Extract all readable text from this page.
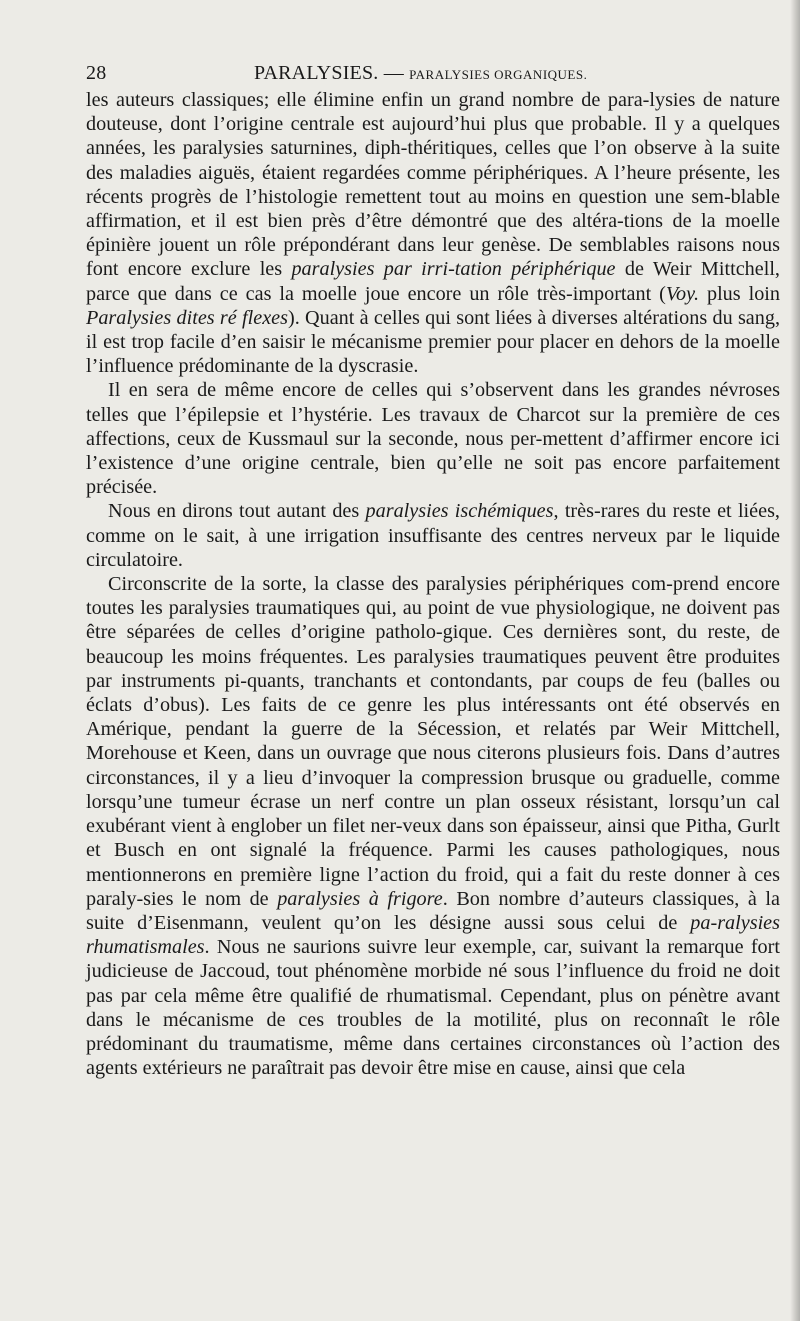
28	PARALYSIES. — PARALYSIES ORGANIQUES.

les auteurs classiques; elle élimine enfin un grand nombre de para-lysies de nature douteuse, dont l’origine centrale est aujourd’hui plus que probable. Il y a quelques années, les paralysies saturnines, diph-théritiques, celles que l’on observe à la suite des maladies aiguës, étaient regardées comme périphériques. A l’heure présente, les récents progrès de l’histologie remettent tout au moins en question une sem-blable affirmation, et il est bien près d’être démontré que des altéra-tions de la moelle épinière jouent un rôle prépondérant dans leur genèse. De semblables raisons nous font encore exclure les paralysies par irri-tation périphérique de Weir Mittchell, parce que dans ce cas la moelle joue encore un rôle très-important (Voy. plus loin Paralysies dites ré flexes). Quant à celles qui sont liées à diverses altérations du sang, il est trop facile d’en saisir le mécanisme premier pour placer en dehors de la moelle l’influence prédominante de la dyscrasie.

Il en sera de même encore de celles qui s’observent dans les grandes névroses telles que l’épilepsie et l’hystérie. Les travaux de Charcot sur la première de ces affections, ceux de Kussmaul sur la seconde, nous per-mettent d’affirmer encore ici l’existence d’une origine centrale, bien qu’elle ne soit pas encore parfaitement précisée.

Nous en dirons tout autant des paralysies ischémiques, très-rares du reste et liées, comme on le sait, à une irrigation insuffisante des centres nerveux par le liquide circulatoire.

Circonscrite de la sorte, la classe des paralysies périphériques com-prend encore toutes les paralysies traumatiques qui, au point de vue physiologique, ne doivent pas être séparées de celles d’origine patholo-gique. Ces dernières sont, du reste, de beaucoup les moins fréquentes. Les paralysies traumatiques peuvent être produites par instruments pi-quants, tranchants et contondants, par coups de feu (balles ou éclats d’obus). Les faits de ce genre les plus intéressants ont été observés en Amérique, pendant la guerre de la Sécession, et relatés par Weir Mittchell, Morehouse et Keen, dans un ouvrage que nous citerons plusieurs fois. Dans d’autres circonstances, il y a lieu d’invoquer la compression brusque ou graduelle, comme lorsqu’une tumeur écrase un nerf contre un plan osseux résistant, lorsqu’un cal exubérant vient à englober un filet ner-veux dans son épaisseur, ainsi que Pitha, Gurlt et Busch en ont signalé la fréquence. Parmi les causes pathologiques, nous mentionnerons en première ligne l’action du froid, qui a fait du reste donner à ces paraly-sies le nom de paralysies à frigore. Bon nombre d’auteurs classiques, à la suite d’Eisenmann, veulent qu’on les désigne aussi sous celui de pa-ralysies rhumatismales. Nous ne saurions suivre leur exemple, car, suivant la remarque fort judicieuse de Jaccoud, tout phénomène morbide né sous l’influence du froid ne doit pas par cela même être qualifié de rhumatismal. Cependant, plus on pénètre avant dans le mécanisme de ces troubles de la motilité, plus on reconnaît le rôle prédominant du traumatisme, même dans certaines circonstances où l’action des agents extérieurs ne paraîtrait pas devoir être mise en cause, ainsi que cela
